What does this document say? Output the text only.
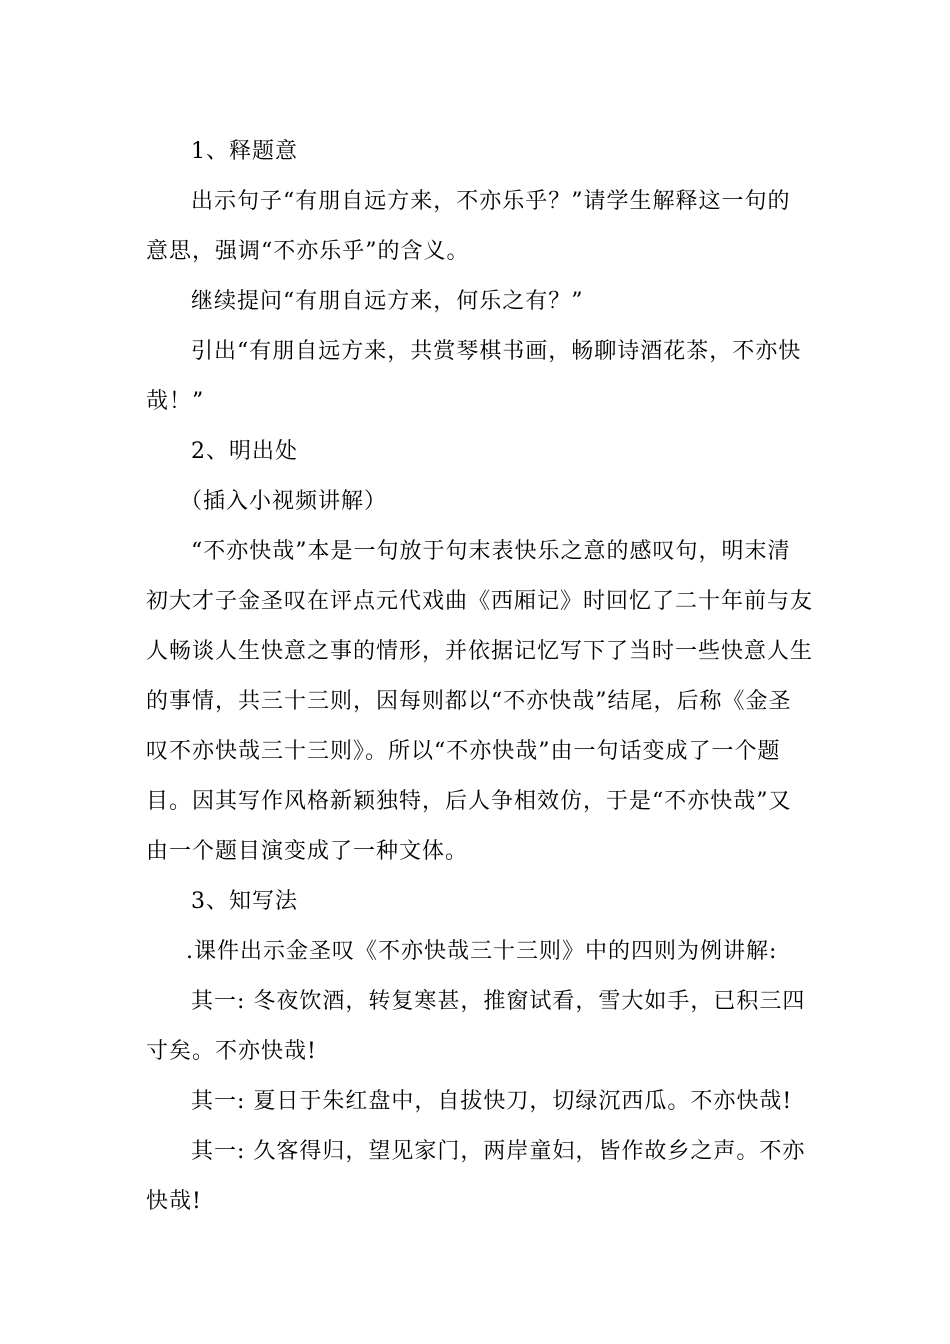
1、释题意
出示句子“有朋自远方来，不亦乐乎？”请学生解释这一句的
意思，强调“不亦乐乎”的含义。
继续提问“有朋自远方来，何乐之有？”
引出“有朋自远方来，共赏琴棋书画，畅聊诗酒花茶，不亦快
哉！”
2、明出处
（插入小视频讲解）
“不亦快哉”本是一句放于句末表快乐之意的感叹句，明末清
初大才子金圣叹在评点元代戏曲《西厢记》时回忆了二十年前与友
人畅谈人生快意之事的情形，并依据记忆写下了当时一些快意人生
的事情，共三十三则，因每则都以“不亦快哉”结尾，后称《金圣
叹不亦快哉三十三则》。所以“不亦快哉”由一句话变成了一个题
目。因其写作风格新颖独特，后人争相效仿，于是“不亦快哉”又
由一个题目演变成了一种文体。
3、知写法
.课件出示金圣叹《不亦快哉三十三则》中的四则为例讲解:
其一: 冬夜饮酒，转复寒甚，推窗试看，雪大如手，已积三四
寸矣。不亦快哉!
其一: 夏日于朱红盘中，自拔快刀，切绿沉西瓜。不亦快哉!
其一: 久客得归，望见家门，两岸童妇，皆作故乡之声。不亦
快哉!
